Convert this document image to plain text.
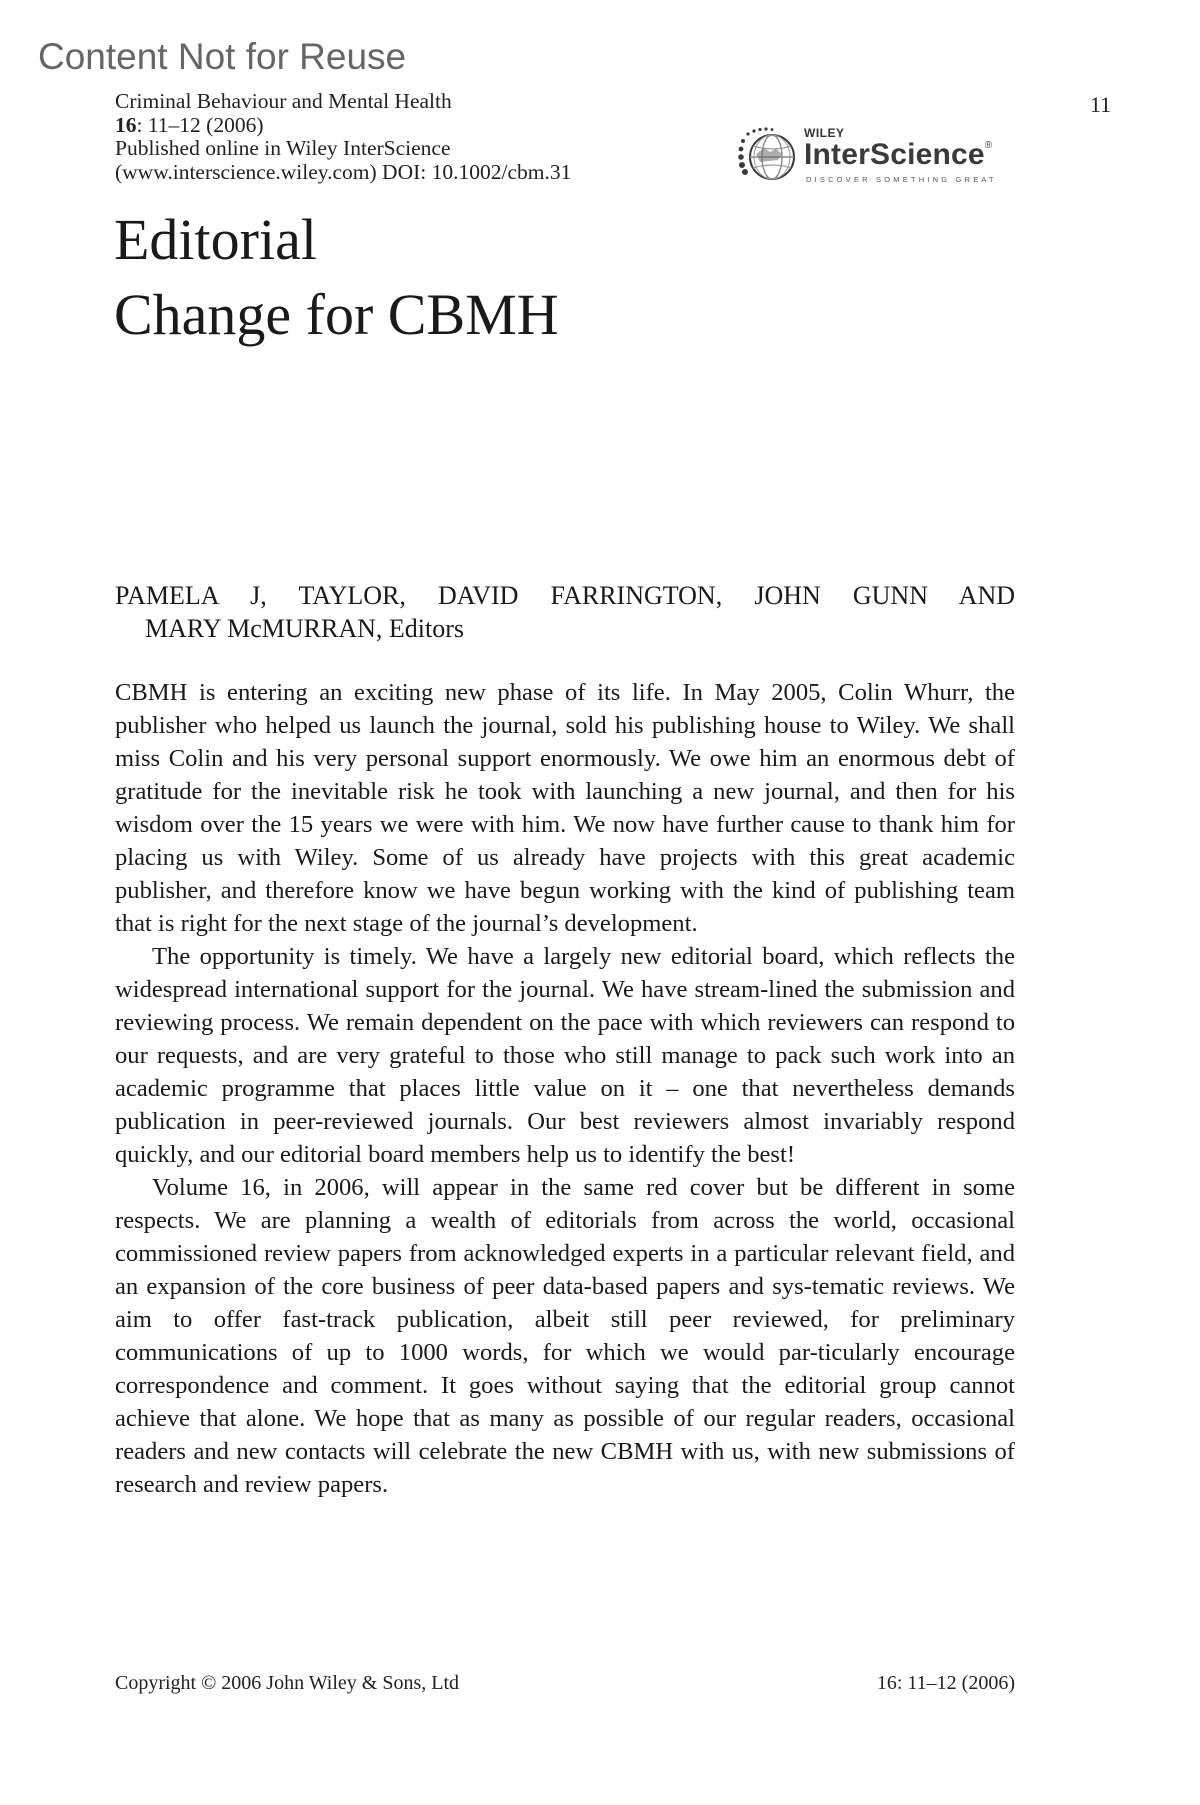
Content Not for Reuse
Criminal Behaviour and Mental Health
16: 11–12 (2006)
Published online in Wiley InterScience
(www.interscience.wiley.com) DOI: 10.1002/cbm.31
11
WILEY
InterScience®
DISCOVER SOMETHING GREAT
Editorial
Change for CBMH
PAMELA J, TAYLOR, DAVID FARRINGTON, JOHN GUNN AND
MARY McMURRAN, Editors

CBMH is entering an exciting new phase of its life. In May 2005, Colin Whurr, the publisher who helped us launch the journal, sold his publishing house to Wiley. We shall miss Colin and his very personal support enormously. We owe him an enormous debt of gratitude for the inevitable risk he took with launching a new journal, and then for his wisdom over the 15 years we were with him. We now have further cause to thank him for placing us with Wiley. Some of us already have projects with this great academic publisher, and therefore know we have begun working with the kind of publishing team that is right for the next stage of the journal’s development.

The opportunity is timely. We have a largely new editorial board, which reflects the widespread international support for the journal. We have stream-lined the submission and reviewing process. We remain dependent on the pace with which reviewers can respond to our requests, and are very grateful to those who still manage to pack such work into an academic programme that places little value on it – one that nevertheless demands publication in peer-reviewed journals. Our best reviewers almost invariably respond quickly, and our editorial board members help us to identify the best!

Volume 16, in 2006, will appear in the same red cover but be different in some respects. We are planning a wealth of editorials from across the world, occasional commissioned review papers from acknowledged experts in a particular relevant field, and an expansion of the core business of peer data-based papers and sys-tematic reviews. We aim to offer fast-track publication, albeit still peer reviewed, for preliminary communications of up to 1000 words, for which we would par-ticularly encourage correspondence and comment. It goes without saying that the editorial group cannot achieve that alone. We hope that as many as possible of our regular readers, occasional readers and new contacts will celebrate the new CBMH with us, with new submissions of research and review papers.

Copyright © 2006 John Wiley & Sons, Ltd	16: 11–12 (2006)
